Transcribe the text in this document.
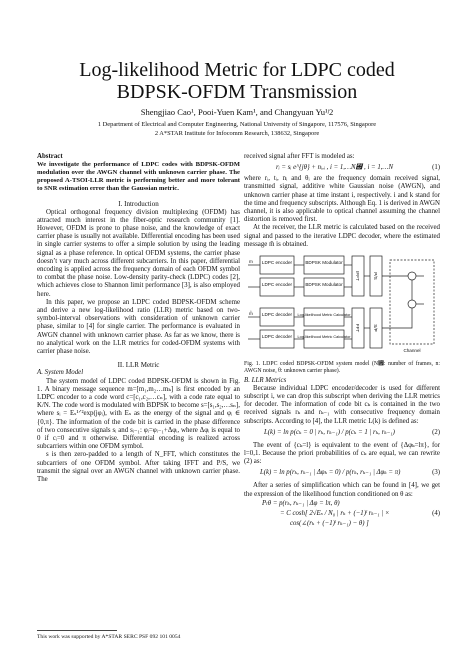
Log-likelihood Metric for LDPC coded
BDPSK-OFDM Transmission
Shengjiao Cao¹, Pooi-Yuen Kam¹, and Changyuan Yu¹ʲ2
1 Department of Electrical and Computer Engineering, National University of Singapore, 117576, Singapore
2 A*STAR Institute for Infocomm Research, 138632, Singapore

Abstract

We investigate the performance of LDPC codes with BDPSK-OFDM modulation over the AWGN channel with unknown carrier phase. The proposed A-TSOI-LLR metric is performing better and more tolerant to SNR estimation error than the Gaussian metric.

I. Introduction

Optical orthogonal frequency division multiplexing (OFDM) has attracted much interest in the fiber-optic research community [1]. However, OFDM is prone to phase noise, and the knowledge of exact carrier phase is usually not available. Differential encoding has been used in single carrier systems to offer a simple solution by using the leading signal as a phase reference. In optical OFDM systems, the carrier phase doesn’t vary much across different subcarriers. In this paper, differential encoding is applied across the frequency domain of each OFDM symbol to combat the phase noise. Low-density parity-check (LDPC) codes [2], which achieves close to Shannon limit performance [3], is also employed here.

In this paper, we propose an LDPC coded BDPSK-OFDM scheme and derive a new log-likelihood ratio (LLR) metric based on two-symbol-interval observations with consideration of unknown carrier phase, similar to [4] for single carrier. The performance is evaluated in AWGN channel with unknown carrier phase. As far as we know, there is no analytical work on the LLR metrics for coded-OFDM systems with carrier phase noise.

II. LLR Metric

A. System Model

The system model of LDPC coded BDPSK-OFDM is shown in Fig. 1. A binary message sequence m=[m₁,m₂…mₖ] is first encoded by an LDPC encoder to a code word c=[c₁,c₂,…cₙ], with a code rate equal to K/N. The code word is modulated with BDPSK to become s=[s₁,s₂,…sₙ], where sᵢ = Eₛ¹ᐟ²exp(jφᵢ), with Eₛ as the energy of the signal and φᵢ ∈ {0,π}. The information of the code bit is carried in the phase difference of two consecutive signals sᵢ and sᵢ₋₁: φᵢ=φᵢ₋₁+Δφᵢ, where Δφᵢ is equal to 0 if cᵢ=0 and π otherwise. Differential encoding is realized across subcarriers within one OFDM symbol.

s is then zero-padded to a length of N_FFT, which constitutes the subcarriers of one OFDM symbol. After taking IFFT and P/S, we transmit the signal over an AWGN channel with unknown carrier phase. The

This work was supported by A*STAR SERC PSF 092 101 0054

received signal after FFT is modeled as:

rᵢ = sᵢ e^{jθ} + nᵢ,ᵢ , i = 1,…N₟ , i = 1,…N	(1)

where rᵢ, tᵢ, nᵢ and θᵢ are the frequency domain received signal, transmitted signal, additive white Gaussian noise (AWGN), and unknown carrier phase at time instant i, respectively. i and k stand for the time and frequency subscripts. Although Eq. 1 is derived in AWGN channel, it is also applicable to optical channel assuming the channel distortion is removed first.

At the receiver, the LLR metric is calculated based on the received signal and passed to the iterative LDPC decoder, where the estimated message m̂ is obtained.

m LDPC encoder
LDPC encoder
BDPSK Modulator
BDPSK Modulator
IFFT	P/S
LDPC decoder
LDPC decoder
Log-likelihood Metric Calculator
Log-likelihood Metric Calculator
FFT	S/P
Channel
m̂

Fig. 1. LDPC coded BDPSK-OFDM system model (N₟: number of frames, n: AWGN noise, θ: unknown carrier phase).

B. LLR Metrics

Because individual LDPC encoder/decoder is used for different subscript i, we can drop this subscript when deriving the LLR metrics for decoder. The information of code bit cₖ is contained in the two received signals rₖ and rₖ₋₁ with consecutive frequency domain subscripts. According to [4], the LLR metric L(k) is defined as:

L(k) = ln p(cₖ = 0 | rₖ, rₖ₋₁) / p(cₖ = 1 | rₖ, rₖ₋₁)	(2)

The event of {cₖ=l} is equivalent to the event of {Δφₖ=lπ}, for l=0,1. Because the priori probabilities of cₖ are equal, we can rewrite (2) as:

L(k) = ln p(rₖ, rₖ₋₁ | Δφₖ = 0) / p(rₖ, rₖ₋₁ | Δφₖ = π)	(3)

After a series of simplification which can be found in [4], we get the expression of the likelihood function conditioned on θ as:

Pₗθ = p(rₖ, rₖ₋₁ | Δφ = lπ, θ)
= C cosh[ 2√Eₛ / N₀ | rₖ + (−1)ˡ rₖ₋₁ | ×	(4)
cos(∠(rₖ + (−1)ˡ rₖ₋₁) − θ) ]
